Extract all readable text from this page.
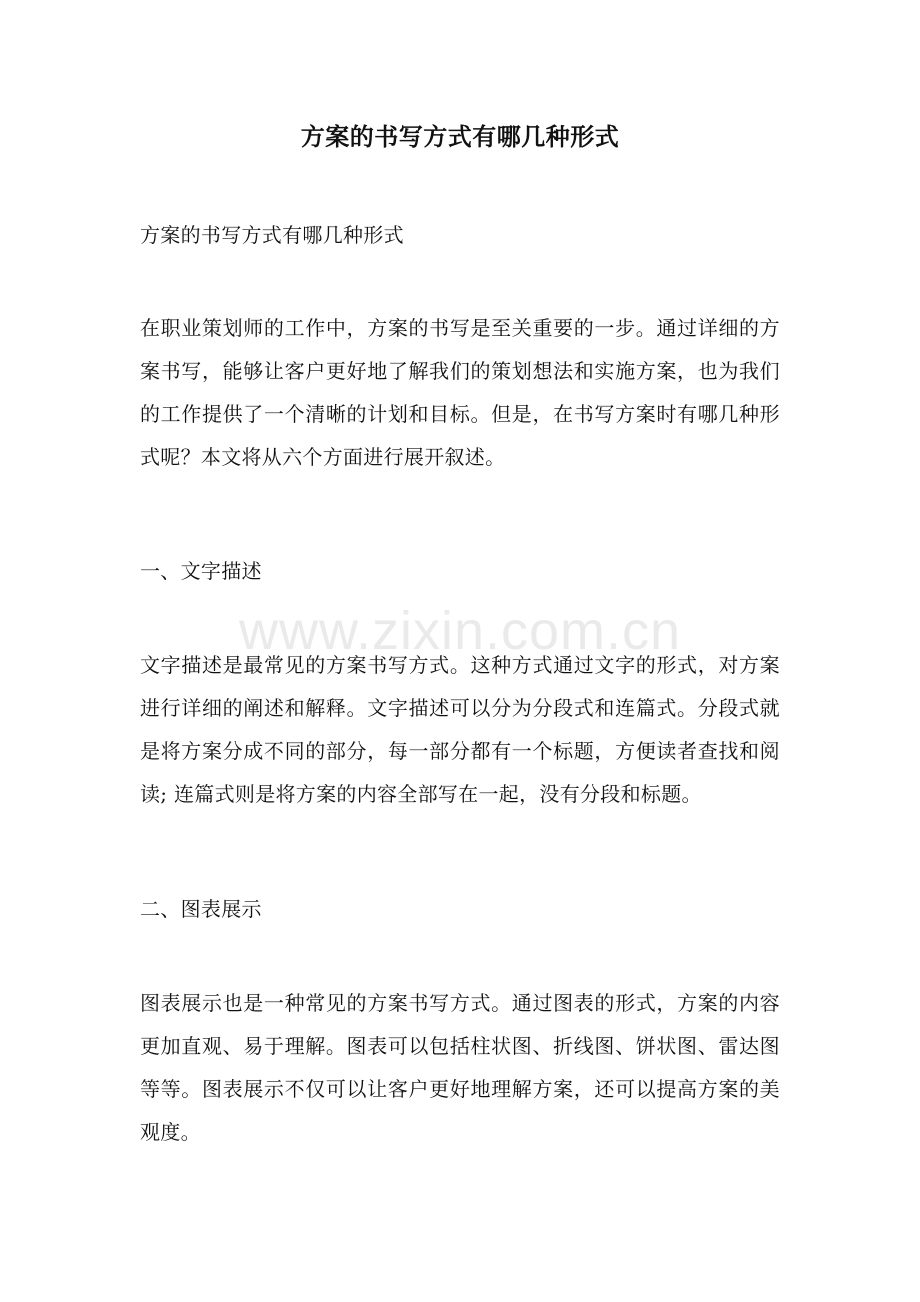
方案的书写方式有哪几种形式
方案的书写方式有哪几种形式
在职业策划师的工作中，方案的书写是至关重要的一步。通过详细的方案书写，能够让客户更好地了解我们的策划想法和实施方案，也为我们的工作提供了一个清晰的计划和目标。但是，在书写方案时有哪几种形式呢？本文将从六个方面进行展开叙述。
一、文字描述
文字描述是最常见的方案书写方式。这种方式通过文字的形式，对方案进行详细的阐述和解释。文字描述可以分为分段式和连篇式。分段式就是将方案分成不同的部分，每一部分都有一个标题，方便读者查找和阅读; 连篇式则是将方案的内容全部写在一起，没有分段和标题。
二、图表展示
图表展示也是一种常见的方案书写方式。通过图表的形式，方案的内容更加直观、易于理解。图表可以包括柱状图、折线图、饼状图、雷达图等等。图表展示不仅可以让客户更好地理解方案，还可以提高方案的美观度。
www.zixin.com.cn
